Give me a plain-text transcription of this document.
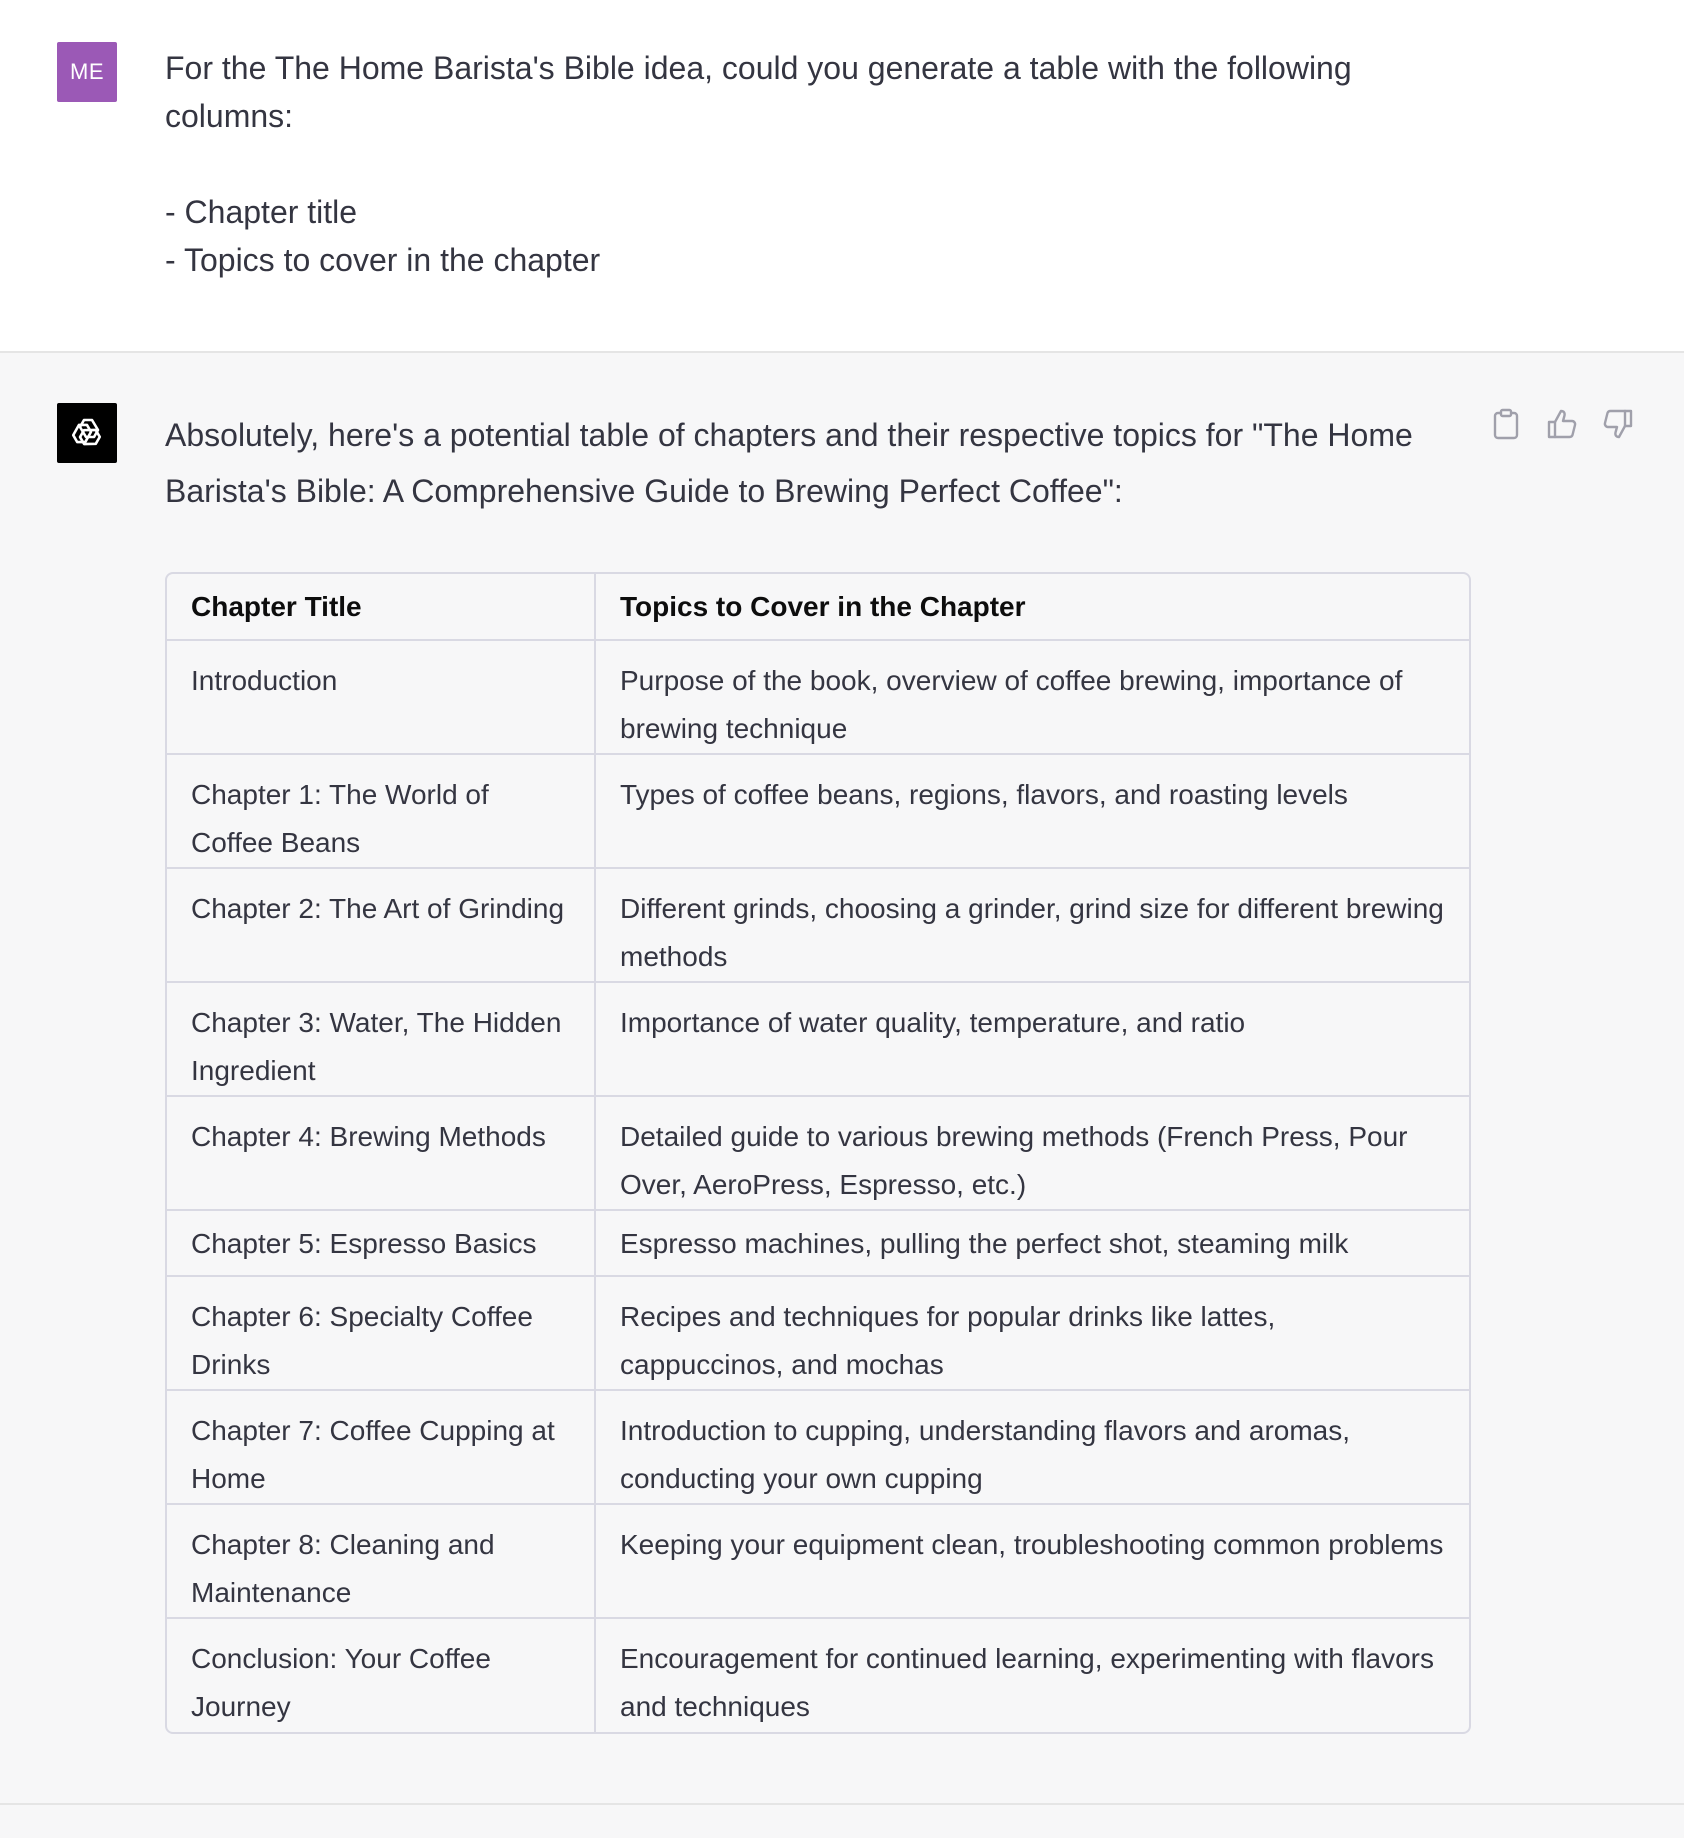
ME For the The Home Barista's Bible idea, could you generate a table with the following columns:

- Chapter title

- Topics to cover in the chapter

Absolutely, here's a potential table of chapters and their respective topics for "The Home Barista's Bible: A Comprehensive Guide to Brewing Perfect Coffee":

Chapter Title	Topics to Cover in the Chapter
Introduction	Purpose of the book, overview of coffee brewing, importance of brewing technique
Chapter 1: The World of Coffee Beans	Types of coffee beans, regions, flavors, and roasting levels
Chapter 2: The Art of Grinding	Different grinds, choosing a grinder, grind size for different brewing methods
Chapter 3: Water, The Hidden Ingredient	Importance of water quality, temperature, and ratio
Chapter 4: Brewing Methods	Detailed guide to various brewing methods (French Press, Pour Over, AeroPress, Espresso, etc.)
Chapter 5: Espresso Basics	Espresso machines, pulling the perfect shot, steaming milk
Chapter 6: Specialty Coffee Drinks	Recipes and techniques for popular drinks like lattes, cappuccinos, and mochas
Chapter 7: Coffee Cupping at Home	Introduction to cupping, understanding flavors and aromas, conducting your own cupping
Chapter 8: Cleaning and Maintenance	Keeping your equipment clean, troubleshooting common problems
Conclusion: Your Coffee Journey	Encouragement for continued learning, experimenting with flavors and techniques
